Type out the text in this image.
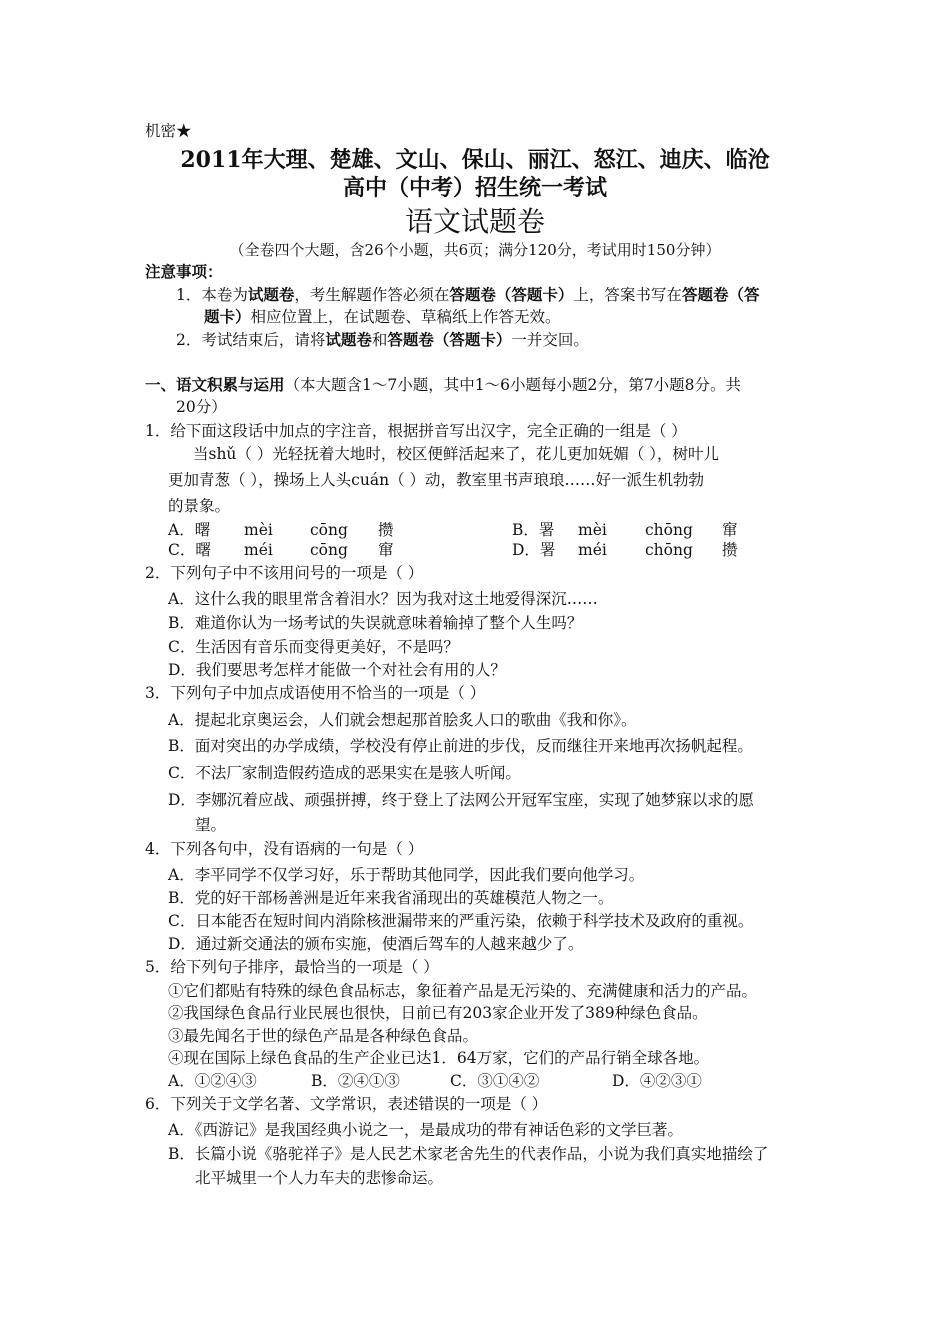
机密★
2011年大理、楚雄、文山、保山、丽江、怒江、迪庆、临沧
高中（中考）招生统一考试
语文试题卷
（全卷四个大题，含26个小题，共6页；满分120分，考试用时150分钟）
注意事项：
1．本卷为试题卷，考生解题作答必须在答题卷（答题卡）上，答案书写在答题卷（答
题卡）相应位置上，在试题卷、草稿纸上作答无效。
2．考试结束后，请将试题卷和答题卷（答题卡）一并交回。
一、语文积累与运用（本大题含1～7小题，其中1～6小题每小题2分，第7小题8分。共
20分）
1．给下面这段话中加点的字注音，根据拼音写出汉字，完全正确的一组是（ ）
当shǔ（ ）光轻抚着大地时，校区便鲜活起来了，花儿更加妩媚（ ），树叶儿
更加青葱（ ），操场上人头cuán（ ）动，教室里书声琅琅……好一派生机勃勃
的景象。
A．曙 mèi cōng 攒	B．署 mèi chōng 窜
C．曙 méi cōng 窜	D．署 méi chōng 攒
2．下列句子中不该用问号的一项是（ ）
A．这什么我的眼里常含着泪水？因为我对这土地爱得深沉……
B．难道你认为一场考试的失误就意味着输掉了整个人生吗？
C．生活因有音乐而变得更美好，不是吗？
D．我们要思考怎样才能做一个对社会有用的人？
3．下列句子中加点成语使用不恰当的一项是（ ）
A．提起北京奥运会，人们就会想起那首脍炙人口的歌曲《我和你》。
B．面对突出的办学成绩，学校没有停止前进的步伐，反而继往开来地再次扬帆起程。
C．不法厂家制造假药造成的恶果实在是骇人听闻。
D．李娜沉着应战、顽强拼搏，终于登上了法网公开冠军宝座，实现了她梦寐以求的愿
望。
4．下列各句中，没有语病的一句是（ ）
A．李平同学不仅学习好，乐于帮助其他同学，因此我们要向他学习。
B．党的好干部杨善洲是近年来我省涌现出的英雄模范人物之一。
C．日本能否在短时间内消除核泄漏带来的严重污染，依赖于科学技术及政府的重视。
D．通过新交通法的颁布实施，使酒后驾车的人越来越少了。
5．给下列句子排序，最恰当的一项是（ ）
①它们都贴有特殊的绿色食品标志，象征着产品是无污染的、充满健康和活力的产品。
②我国绿色食品行业民展也很快，日前已有203家企业开发了389种绿色食品。
③最先闻名于世的绿色产品是各种绿色食品。
④现在国际上绿色食品的生产企业已达1．64万家，它们的产品行销全球各地。
A．①②④③	B．②④①③	C．③①④②	D．④②③①
6．下列关于文学名著、文学常识，表述错误的一项是（ ）
A．《西游记》是我国经典小说之一，是最成功的带有神话色彩的文学巨著。
B．长篇小说《骆驼祥子》是人民艺术家老舍先生的代表作品，小说为我们真实地描绘了
北平城里一个人力车夫的悲惨命运。
